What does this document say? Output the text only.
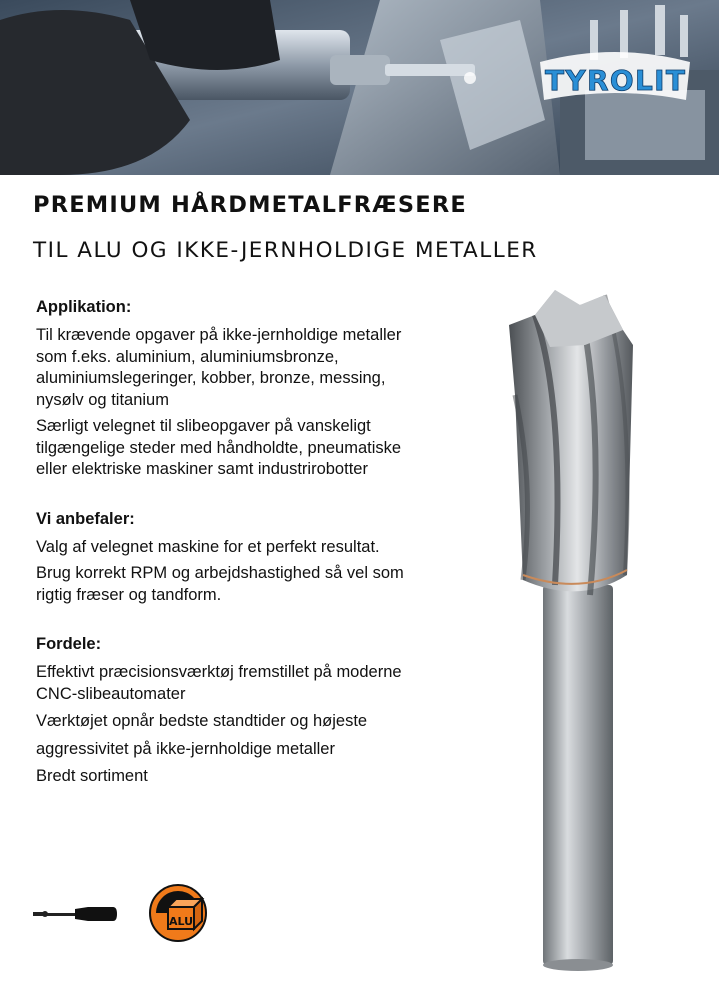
TYROLIT
PREMIUM HÅRDMETALFRÆSERE
TIL ALU OG IKKE-JERNHOLDIGE METALLER
Applikation:

Til krævende opgaver på ikke-jernholdige metaller som f.eks. aluminium, aluminiumsbronze, aluminiumslegeringer, kobber, bronze, messing, nysølv og titanium

Særligt velegnet til slibeopgaver på vanskeligt tilgængelige steder med håndholdte, pneumatiske eller elektriske maskiner samt industrirobotter

Vi anbefaler:

Valg af velegnet maskine for et perfekt resultat.

Brug korrekt RPM og arbejdshastighed så vel som rigtig fræser og tandform.

Fordele:

Effektivt præcisionsværktøj fremstillet på moderne CNC-slibeautomater

Værktøjet opnår bedste standtider og højeste

aggressivitet på ikke-jernholdige metaller

Bredt sortiment

ALU
